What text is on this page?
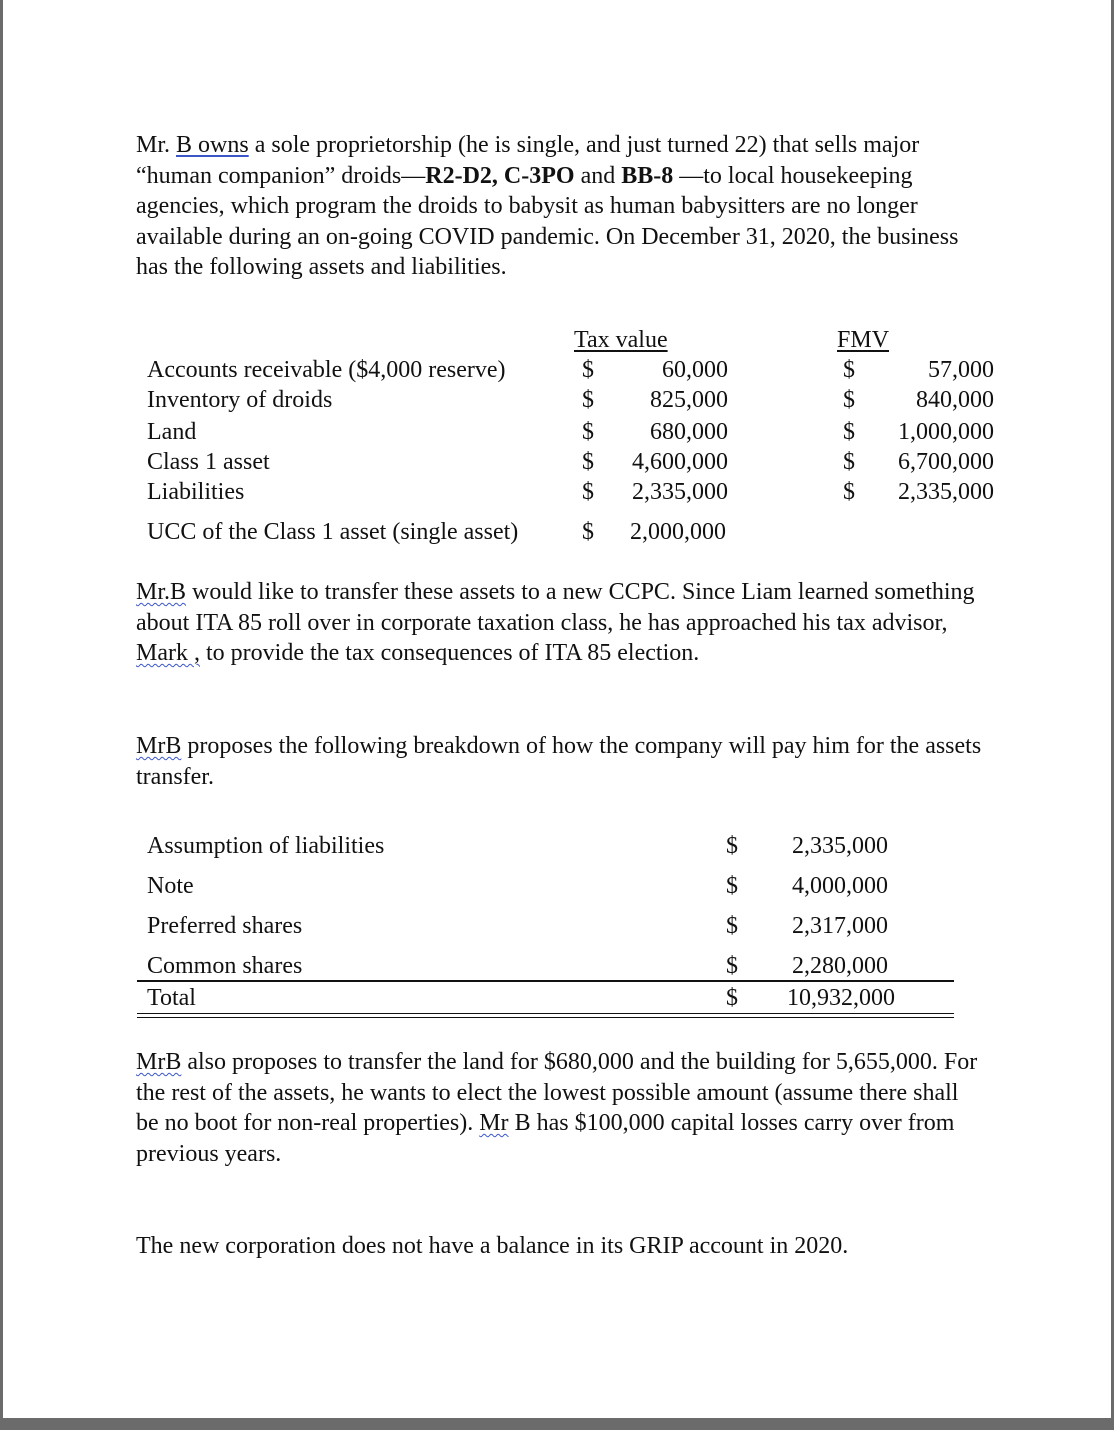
Mr. B owns a sole proprietorship (he is single, and just turned 22) that sells major “human companion” droids—R2-D2, C-3PO and BB-8 —to local housekeeping agencies, which program the droids to babysit as human babysitters are no longer available during an on-going COVID pandemic. On December 31, 2020, the business has the following assets and liabilities.
Tax value	FMV
Accounts receivable ($4,000 reserve)	$	60,000	$	57,000
Inventory of droids	$	825,000	$	840,000
Land	$	680,000	$	1,000,000
Class 1 asset	$	4,600,000	$	6,700,000
Liabilities	$	2,335,000	$	2,335,000
UCC of the Class 1 asset (single asset)	$	2,000,000
Mr.B would like to transfer these assets to a new CCPC. Since Liam learned something about ITA 85 roll over in corporate taxation class, he has approached his tax advisor, Mark , to provide the tax consequences of ITA 85 election.
MrB proposes the following breakdown of how the company will pay him for the assets transfer.
Assumption of liabilities	$	2,335,000
Note	$	4,000,000
Preferred shares	$	2,317,000
Common shares	$	2,280,000
Total	$	10,932,000
MrB also proposes to transfer the land for $680,000 and the building for 5,655,000. For the rest of the assets, he wants to elect the lowest possible amount (assume there shall be no boot for non-real properties). Mr B has $100,000 capital losses carry over from previous years.
The new corporation does not have a balance in its GRIP account in 2020.
